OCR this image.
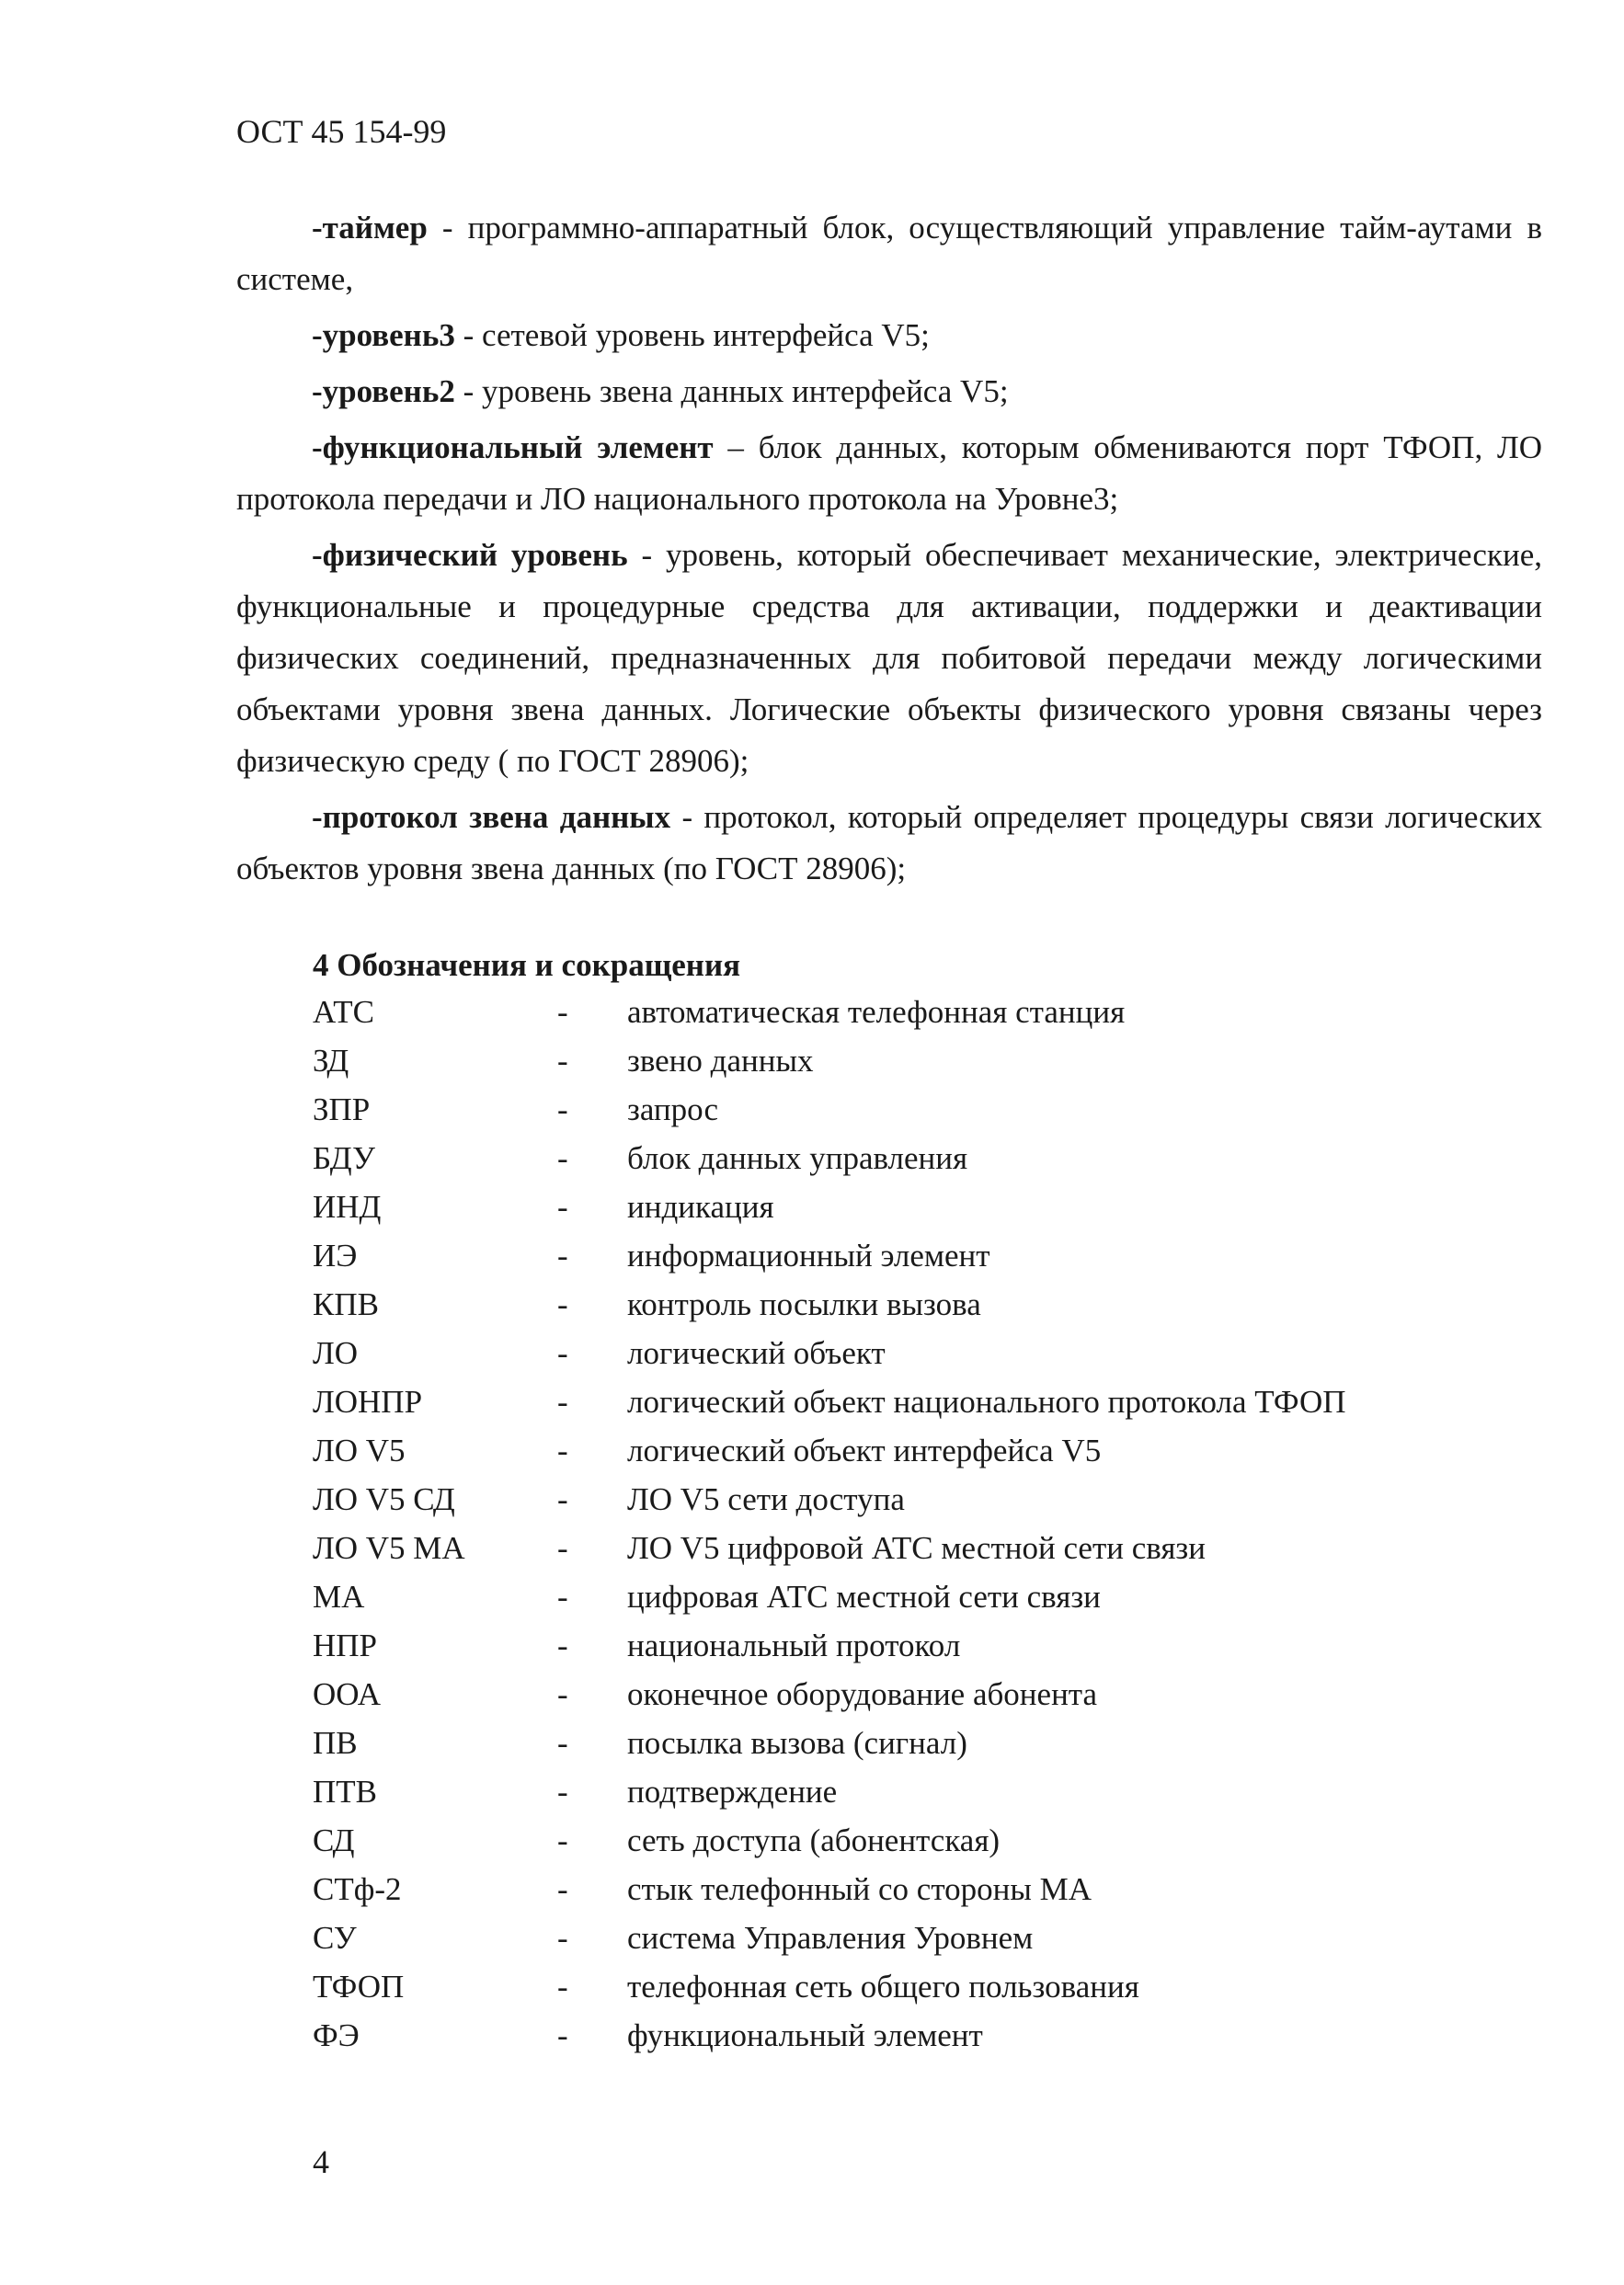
ОСТ 45 154-99

-таймер - программно-аппаратный блок, осуществляющий управление тайм-аутами в системе,

-уровень3 - сетевой уровень интерфейса V5;

-уровень2 - уровень звена данных интерфейса V5;

-функциональный элемент – блок данных, которым обмениваются порт ТФОП, ЛО протокола передачи и ЛО национального протокола на Уровне3;

-физический уровень - уровень, который обеспечивает механические, электрические, функциональные и процедурные средства для активации, поддержки и деактивации физических соединений, предназначенных для побитовой передачи между логическими объектами уровня звена данных. Логические объекты физического уровня связаны через физическую среду ( по ГОСТ 28906);

-протокол звена данных - протокол, который определяет процедуры связи логических объектов уровня звена данных (по ГОСТ 28906);

4 Обозначения и сокращения
АТС	- автоматическая телефонная станция
ЗД	- звено данных
ЗПР	- запрос
БДУ	- блок данных управления
ИНД	- индикация
ИЭ	- информационный элемент
КПВ	- контроль посылки вызова
ЛО	- логический объект
ЛОНПР	- логический объект национального протокола ТФОП
ЛО V5	- логический объект интерфейса V5
ЛО V5 СД	- ЛО V5 сети доступа
ЛО V5 МА	- ЛО V5 цифровой АТС местной сети связи
МА	- цифровая АТС местной сети связи
НПР	- национальный протокол
ООА	- оконечное оборудование абонента
ПВ	- посылка вызова (сигнал)
ПТВ	- подтверждение
СД	- сеть доступа (абонентская)
СТф-2	- стык телефонный со стороны МА
СУ	- система Управления Уровнем
ТФОП	- телефонная сеть общего пользования
ФЭ	- функциональный элемент
4
